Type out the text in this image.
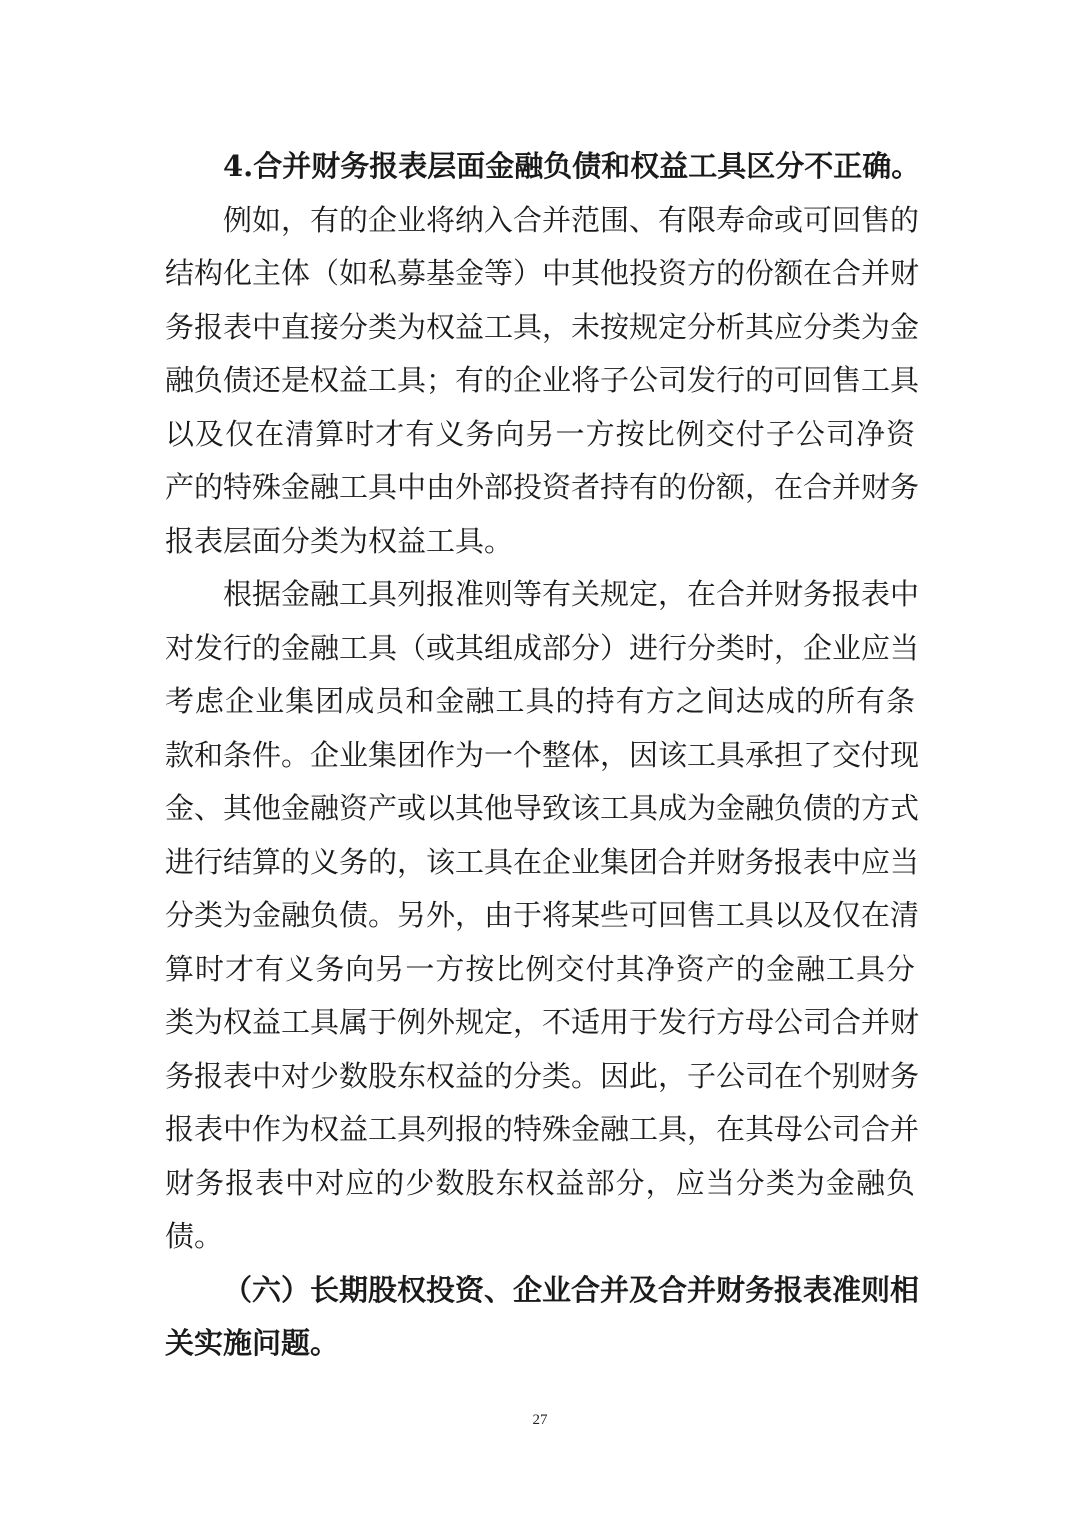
4.合并财务报表层面金融负债和权益工具区分不正确。
例如，有的企业将纳入合并范围、有限寿命或可回售的
结构化主体（如私募基金等）中其他投资方的份额在合并财
务报表中直接分类为权益工具，未按规定分析其应分类为金
融负债还是权益工具；有的企业将子公司发行的可回售工具
以及仅在清算时才有义务向另一方按比例交付子公司净资
产的特殊金融工具中由外部投资者持有的份额，在合并财务
报表层面分类为权益工具。
根据金融工具列报准则等有关规定，在合并财务报表中
对发行的金融工具（或其组成部分）进行分类时，企业应当
考虑企业集团成员和金融工具的持有方之间达成的所有条
款和条件。企业集团作为一个整体，因该工具承担了交付现
金、其他金融资产或以其他导致该工具成为金融负债的方式
进行结算的义务的，该工具在企业集团合并财务报表中应当
分类为金融负债。另外，由于将某些可回售工具以及仅在清
算时才有义务向另一方按比例交付其净资产的金融工具分
类为权益工具属于例外规定，不适用于发行方母公司合并财
务报表中对少数股东权益的分类。因此，子公司在个别财务
报表中作为权益工具列报的特殊金融工具，在其母公司合并
财务报表中对应的少数股东权益部分，应当分类为金融负
债。
（六）长期股权投资、企业合并及合并财务报表准则相
关实施问题。
27
